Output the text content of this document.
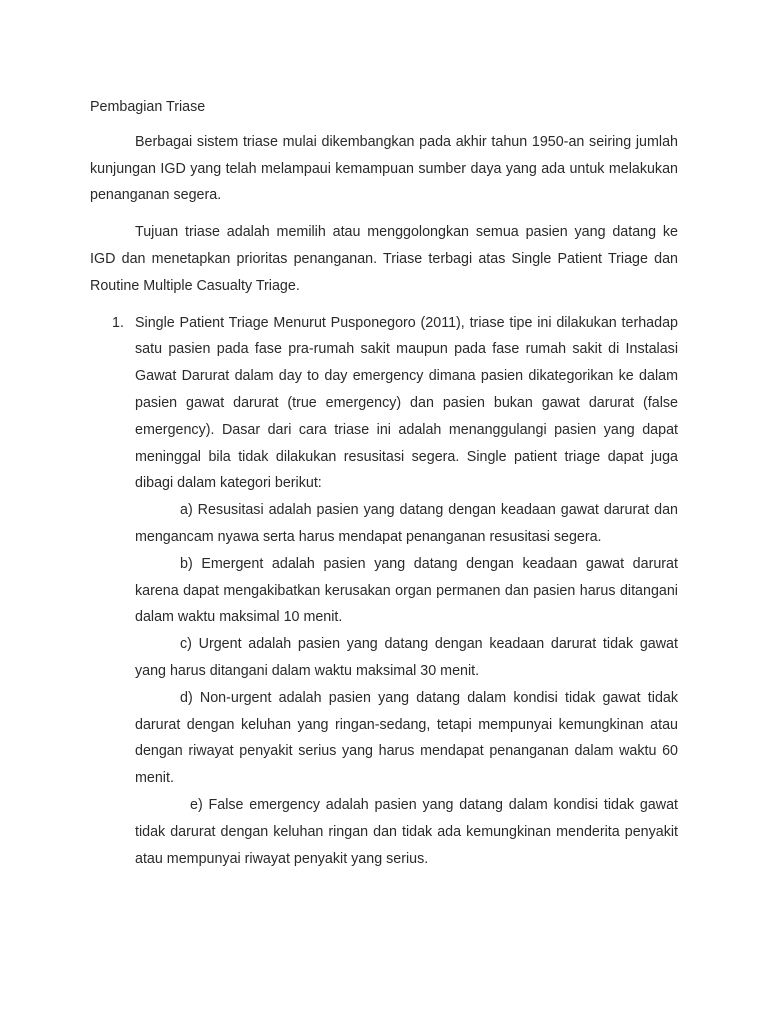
Pembagian Triase

Berbagai sistem triase mulai dikembangkan pada akhir tahun 1950-an seiring jumlah kunjungan IGD yang telah melampaui kemampuan sumber daya yang ada untuk melakukan penanganan segera.

Tujuan triase adalah memilih atau menggolongkan semua pasien yang datang ke IGD dan menetapkan prioritas penanganan. Triase terbagi atas Single Patient Triage dan Routine Multiple Casualty Triage.

1. Single Patient Triage Menurut Pusponegoro (2011), triase tipe ini dilakukan terhadap satu pasien pada fase pra-rumah sakit maupun pada fase rumah sakit di Instalasi Gawat Darurat dalam day to day emergency dimana pasien dikategorikan ke dalam pasien gawat darurat (true emergency) dan pasien bukan gawat darurat (false emergency). Dasar dari cara triase ini adalah menanggulangi pasien yang dapat meninggal bila tidak dilakukan resusitasi segera. Single patient triage dapat juga dibagi dalam kategori berikut:

a) Resusitasi adalah pasien yang datang dengan keadaan gawat darurat dan mengancam nyawa serta harus mendapat penanganan resusitasi segera.

b) Emergent adalah pasien yang datang dengan keadaan gawat darurat karena dapat mengakibatkan kerusakan organ permanen dan pasien harus ditangani dalam waktu maksimal 10 menit.

c) Urgent adalah pasien yang datang dengan keadaan darurat tidak gawat yang harus ditangani dalam waktu maksimal 30 menit.

d) Non-urgent adalah pasien yang datang dalam kondisi tidak gawat tidak darurat dengan keluhan yang ringan-sedang, tetapi mempunyai kemungkinan atau dengan riwayat penyakit serius yang harus mendapat penanganan dalam waktu 60 menit.

e) False emergency adalah pasien yang datang dalam kondisi tidak gawat tidak darurat dengan keluhan ringan dan tidak ada kemungkinan menderita penyakit atau mempunyai riwayat penyakit yang serius.
